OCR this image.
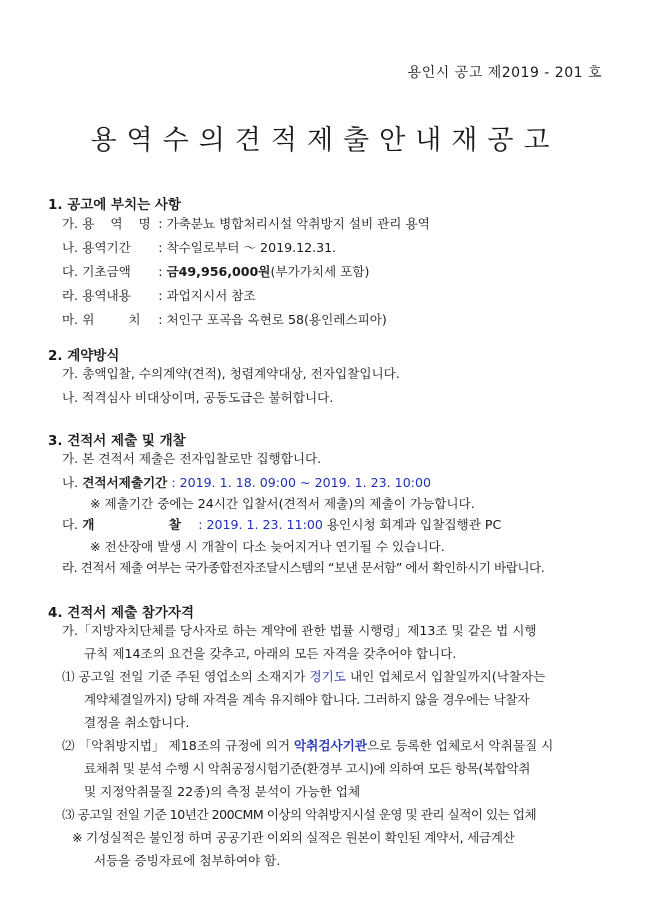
용인시 공고 제2019 - 201 호
용역수의견적제출안내재공고
1. 공고에 부치는 사항
가. 용 역 명 : 가축분뇨 병합처리시설 악취방지 설비 관리 용역
나. 용역기간 : 착수일로부터 ～ 2019.12.31.
다. 기초금액 : 금49,956,000원(부가가치세 포함)
라. 용역내용 : 과업지시서 참조
마. 위 치 : 처인구 포곡읍 옥현로 58(용인레스피아)
2. 계약방식
가. 총액입찰, 수의계약(견적), 청렴계약대상, 전자입찰입니다.
나. 적격심사 비대상이며, 공동도급은 불허합니다.
3. 견적서 제출 및 개찰
가. 본 견적서 제출은 전자입찰로만 집행합니다.
나. 견적서제출기간 : 2019. 1. 18. 09:00 ~ 2019. 1. 23. 10:00
※ 제출기간 중에는 24시간 입찰서(견적서 제출)의 제출이 가능합니다.
다. 개 찰 : 2019. 1. 23. 11:00 용인시청 회계과 입찰집행관 PC
※ 전산장애 발생 시 개찰이 다소 늦어지거나 연기될 수 있습니다.
라. 견적서 제출 여부는 국가종합전자조달시스템의 “보낸 문서함” 에서 확인하시기 바랍니다.
4. 견적서 제출 참가자격
가.「지방자치단체를 당사자로 하는 계약에 관한 법률 시행령」제13조 및 같은 법 시행
규칙 제14조의 요건을 갖추고, 아래의 모든 자격을 갖추어야 합니다.
⑴ 공고일 전일 기준 주된 영업소의 소재지가 경기도 내인 업체로서 입찰일까지(낙찰자는
계약체결일까지) 당해 자격을 계속 유지해야 합니다. 그러하지 않을 경우에는 낙찰자
결정을 취소합니다.
⑵ 「악취방지법」 제18조의 규정에 의거 악취검사기관으로 등록한 업체로서 악취물질 시
료채취 및 분석 수행 시 악취공정시험기준(환경부 고시)에 의하여 모든 항목(복합악취
및 지정악취물질 22종)의 측정 분석이 가능한 업체
⑶ 공고일 전일 기준 10년간 200CMM 이상의 악취방지시설 운영 및 관리 실적이 있는 업체
※ 기성실적은 불인정 하며 공공기관 이외의 실적은 원본이 확인된 계약서, 세금계산
서등을 증빙자료에 첨부하여야 함.
